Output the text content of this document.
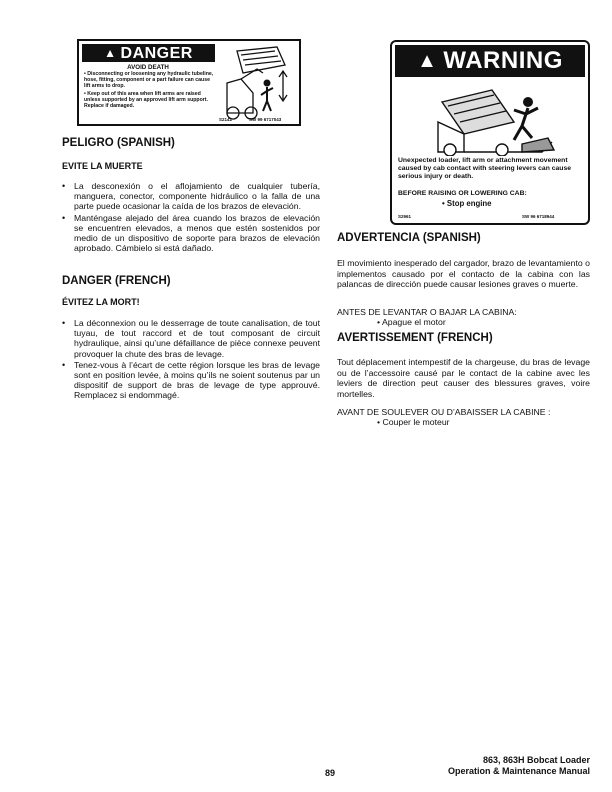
▲ DANGER
AVOID DEATH

• Disconnecting or loosening any hydraulic tubeline, hose, fitting, component or a part failure can cause lift arms to drop.

• Keep out of this area when lift arms are raised unless supported by an approved lift arm support. Replace if damaged.

S2141	SW 99 6717043
▲ WARNING
Unexpected loader, lift arm or attachment movement caused by cab contact with steering levers can cause serious injury or death.
BEFORE RAISING OR LOWERING CAB:
• Stop engine
S2961	SW 96 6718944
PELIGRO (SPANISH)
EVITE LA MUERTE
• La desconexión o el aflojamiento de cualquier tubería, manguera, conector, componente hidráulico o la falla de una parte puede ocasionar la caída de los brazos de elevación.
• Manténgase alejado del área cuando los brazos de elevación se encuentren elevados, a menos que estén sostenidos por medio de un dispositivo de soporte para brazos de elevación aprobado. Cámbielo si está dañado.
DANGER (FRENCH)
ÉVITEZ LA MORT!
• La déconnexion ou le desserrage de toute canalisation, de tout tuyau, de tout raccord et de tout composant de circuit hydraulique, ainsi qu’une défaillance de pièce connexe peuvent provoquer la chute des bras de levage.
• Tenez-vous à l’écart de cette région lorsque les bras de levage sont en position levée, à moins qu’ils ne soient soutenus par un dispositif de support de bras de levage de type approuvé. Remplacez si endommagé.
ADVERTENCIA (SPANISH)
El movimiento inesperado del cargador, brazo de levantamiento o implementos causado por el contacto de la cabina con las palancas de dirección puede causar lesiones graves o muerte.
ANTES DE LEVANTAR O BAJAR LA CABINA:
• Apague el motor
AVERTISSEMENT (FRENCH)
Tout déplacement intempestif de la chargeuse, du bras de levage ou de l’accessoire causé par le contact de la cabine avec les leviers de direction peut causer des blessures graves, voire mortelles.
AVANT DE SOULEVER OU D’ABAISSER LA CABINE :
• Couper le moteur
89
863, 863H Bobcat Loader
Operation & Maintenance Manual
